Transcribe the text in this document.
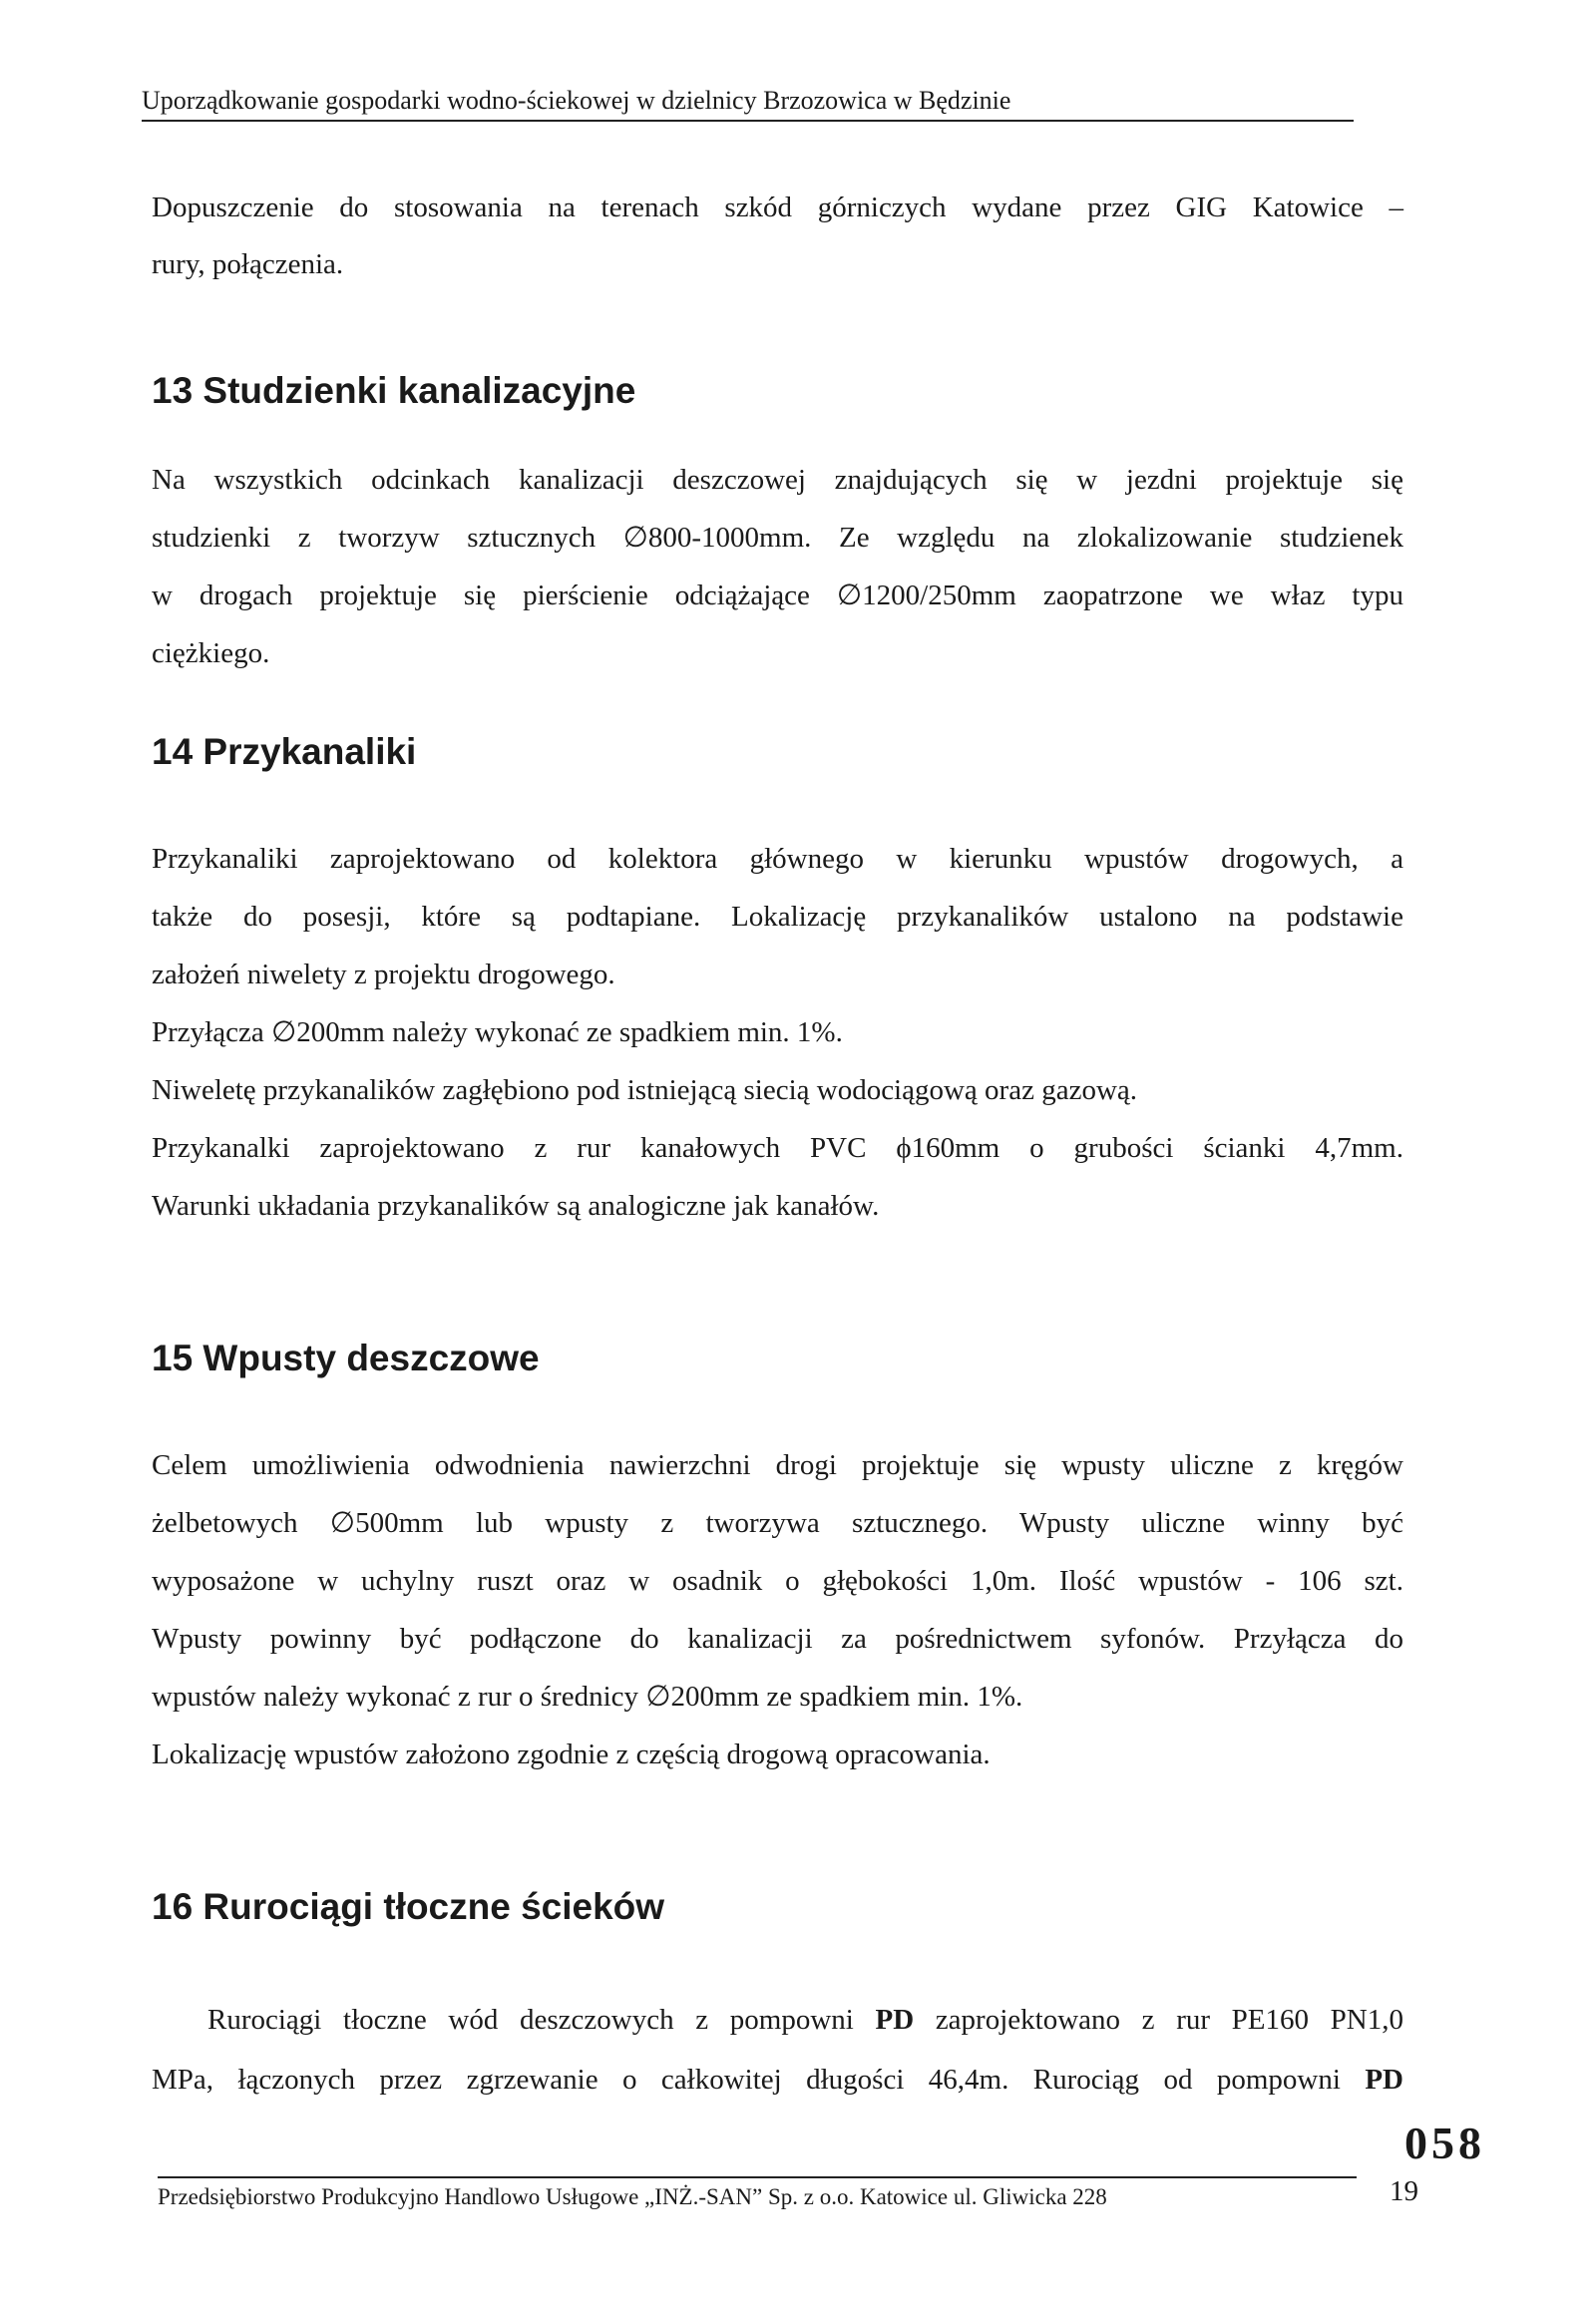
Uporządkowanie gospodarki wodno-ściekowej w dzielnicy Brzozowica w Będzinie
Dopuszczenie do stosowania na terenach szkód górniczych wydane przez GIG Katowice –
rury, połączenia.
13 Studzienki kanalizacyjne
Na wszystkich odcinkach kanalizacji deszczowej znajdujących się w jezdni projektuje się
studzienki z tworzyw sztucznych ∅800-1000mm. Ze względu na zlokalizowanie studzienek
w drogach projektuje się pierścienie odciążające ∅1200/250mm zaopatrzone we właz typu
ciężkiego.
14 Przykanaliki
Przykanaliki zaprojektowano od kolektora głównego w kierunku wpustów drogowych, a
także do posesji, które są podtapiane. Lokalizację przykanalików ustalono na podstawie
założeń niwelety z projektu drogowego.
Przyłącza ∅200mm należy wykonać ze spadkiem min. 1%.
Niweletę przykanalików zagłębiono pod istniejącą siecią wodociągową oraz gazową.
Przykanalki zaprojektowano z rur kanałowych PVC ϕ160mm o grubości ścianki 4,7mm.
Warunki układania przykanalików są analogiczne jak kanałów.
15 Wpusty deszczowe
Celem umożliwienia odwodnienia nawierzchni drogi projektuje się wpusty uliczne z kręgów
żelbetowych ∅500mm lub wpusty z tworzywa sztucznego. Wpusty uliczne winny być
wyposażone w uchylny ruszt oraz w osadnik o głębokości 1,0m. Ilość wpustów - 106 szt.
Wpusty powinny być podłączone do kanalizacji za pośrednictwem syfonów. Przyłącza do
wpustów należy wykonać z rur o średnicy ∅200mm ze spadkiem min. 1%.
Lokalizację wpustów założono zgodnie z częścią drogową opracowania.
16 Rurociągi tłoczne ścieków
Rurociągi tłoczne wód deszczowych z pompowni PD zaprojektowano z rur PE160 PN1,0
MPa, łączonych przez zgrzewanie o całkowitej długości 46,4m. Rurociąg od pompowni PD
058
Przedsiębiorstwo Produkcyjno Handlowo Usługowe „INŻ.-SAN” Sp. z o.o. Katowice ul. Gliwicka 228	19
